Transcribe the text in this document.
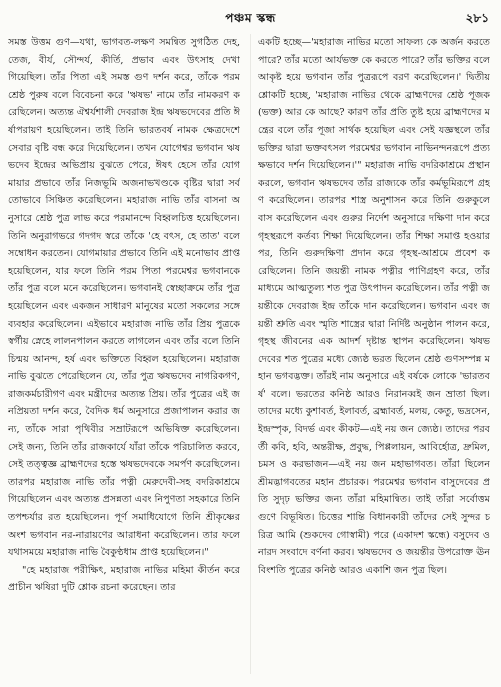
পঞ্চম স্কন্ধ	২৮১

সমস্ত উত্তম গুণ—যথা, ভাগবত-লক্ষণ সমন্বিত সুগঠিত দেহ, তেজ, বীর্য, সৌন্দর্য, কীর্তি, প্রভাব এবং উৎসাহ দেখা গিয়েছিল। তাঁর পিতা এই সমস্ত গুণ দর্শন করে, তাঁকে পরম শ্রেষ্ঠ পুরুষ বলে বিবেচনা করে 'ঋষভ' নামে তাঁর নামকরণ করেছিলেন। অত্যন্ত ঐশ্বর্যশালী দেবরাজ ইন্দ্র ঋষভদেবের প্রতি ঈর্ষাপরায়ণ হয়েছিলেন। তাই তিনি ভারতবর্ষ নামক ক্ষেত্রদেশে সেবার বৃষ্টি বন্ধ করে দিয়েছিলেন। তখন যোগেশ্বর ভগবান ঋষভদেব ইন্দ্রের অভিপ্রায় বুঝতে পেরে, ঈষৎ হেসে তাঁর যোগমায়ার প্রভাবে তাঁর নিজভূমি অজনাভখণ্ডকে বৃষ্টির দ্বারা সর্বতোভাবে সিঞ্চিত করেছিলেন। মহারাজ নাভি তাঁর বাসনা অনুসারে শ্রেষ্ঠ পুত্র লাভ করে পরমানন্দে বিহ্বলচিত্ত হয়েছিলেন। তিনি অনুরাগভরে গদগদ স্বরে তাঁকে 'হে বৎস, হে তাত' বলে সম্বোধন করতেন। যোগমায়ার প্রভাবে তিনি এই মনোভাব প্রাপ্ত হয়েছিলেন, যার ফলে তিনি পরম পিতা পরমেশ্বর ভগবানকে তাঁর পুত্র বলে মনে করেছিলেন। ভগবানই স্বেচ্ছাক্রমে তাঁর পুত্র হয়েছিলেন এবং একজন সাধারণ মানুষের মতো সকলের সঙ্গে ব্যবহার করেছিলেন। এইভাবে মহারাজ নাভি তাঁর প্রিয় পুত্রকে স্বর্গীয় স্নেহে লালনপালন করতে লাগলেন এবং তাঁর বলে তিনি চিন্ময় আনন্দ, হর্ষ এবং ভক্তিতে বিহ্বল হয়েছিলেন। মহারাজ নাভি বুঝতে পেরেছিলেন যে, তাঁর পুত্র ঋষভদেব নাগরিকগণ, রাজকর্মচারীগণ এবং মন্ত্রীদের অত্যন্ত প্রিয়। তাঁর পুত্রের এই জনপ্রিয়তা দর্শন করে, বৈদিক ধর্ম অনুসারে প্রজাপালন করার জন্য, তাঁকে সারা পৃথিবীর সম্রাটরূপে অভিষিক্ত করেছিলেন। সেই জন্য, তিনি তাঁর রাজকার্যে যাঁরা তাঁকে পরিচালিত করবে, সেই তত্ত্বজ্ঞ ব্রাহ্মণদের হস্তে ঋষভদেবকে সমর্পণ করেছিলেন। তারপর মহারাজ নাভি তাঁর পত্নী মেরুদেবী-সহ বদরিকাশ্রমে গিয়েছিলেন এবং অত্যন্ত প্রসন্নতা এবং নিপুণতা সহকারে তিনি তপশ্চর্যার রত হয়েছিলেন। পূর্ণ সমাধিযোগে তিনি শ্রীকৃষ্ণের অংশ ভগবান নর-নারায়ণের আরাধনা করেছিলেন। তার ফলে যথাসময়ে মহারাজ নাভি বৈকুণ্ঠধাম প্রাপ্ত হয়েছিলেন।"

"হে মহারাজ পরীক্ষিৎ, মহারাজ নাভির মহিমা কীর্তন করে প্রাচীন ঋষিরা দুটি শ্লোক রচনা করেছেন। তার

একটি হচ্ছে—'মহারাজ নাভির মতো সাফল্য কে অর্জন করতে পারে? তাঁর মতো আর্যভক্ত কে করতে পারে? তাঁর ভক্তির বলে আকৃষ্ট হয়ে ভগবান তাঁর পুত্ররূপে বরণ করেছিলেন।' দ্বিতীয় শ্লোকটি হচ্ছে, 'মহারাজ নাভির থেকে ব্রাহ্মণদের শ্রেষ্ঠ পূজক (ভক্ত) আর কে আছে? কারণ তাঁর প্রতি তুষ্ট হয়ে ব্রাহ্মণদের মন্ত্রের বলে তাঁর পূজা সার্থক হয়েছিল এবং সেই যজ্ঞস্থলে তাঁর ভক্তির দ্বারা ভক্তবৎসল পরমেশ্বর ভগবান নাভিনন্দনরূপে প্রত্যক্ষভাবে দর্শন দিয়েছিলেন।'" মহারাজ নাভি বদরিকাশ্রমে প্রস্থান করলে, ভগবান ঋষভদেব তাঁর রাজ্যকে তাঁর কর্মভূমিরূপে গ্রহণ করেছিলেন। তারপর শাস্ত্র অনুশাসন করে তিনি গুরুকুলে বাস করেছিলেন এবং গুরুর নির্দেশ অনুসারে দক্ষিণা দান করে গৃহস্থরূপে কর্তব্য শিক্ষা দিয়েছিলেন। তাঁর শিক্ষা সমাপ্ত হওয়ার পর, তিনি গুরুদক্ষিণা প্রদান করে গৃহস্থ-আশ্রমে প্রবেশ করেছিলেন। তিনি জয়ন্তী নামক পত্নীর পাণিগ্রহণ করে, তাঁর মাধ্যমে আত্মতুল্য শত পুত্র উৎপাদন করেছিলেন। তাঁর পত্নী জয়ন্তীকে দেবরাজ ইন্দ্র তাঁকে দান করেছিলেন। ভগবান এবং জয়ন্তী শ্রুতি এবং স্মৃতি শাস্ত্রের দ্বারা নির্দিষ্ট অনুষ্ঠান পালন করে, গৃহস্থ জীবনের এক আদর্শ দৃষ্টান্ত স্থাপন করেছিলেন। ঋষভদেবের শত পুত্রের মধ্যে জ্যেষ্ঠ ভরত ছিলেন শ্রেষ্ঠ গুণসম্পন্ন মহান ভগবদ্ভক্ত। তাঁরই নাম অনুসারে এই বর্ষকে লোকে 'ভারতবর্ষ' বলে। ভরতের কনিষ্ঠ আরও নিরানব্বই জন ভ্রাতা ছিল। তাদের মধ্যে কুশাবর্ত, ইলাবর্ত, ব্রহ্মাবর্ত, মলয়, কেতু, ভদ্রসেন, ইন্দ্রস্পৃক, বিদর্ভ এবং কীকট—এই নয় জন জ্যেষ্ঠ। তাদের পরবর্তী কবি, হবি, অন্তরীক্ষ, প্রবুদ্ধ, পিপ্পলায়ন, আবির্হোত্র, দ্রুমিল, চমস ও করভাজন—এই নয় জন মহাভাগবত। তাঁরা ছিলেন শ্রীমদ্ভাগবতের মহান প্রচারক। পরমেশ্বর ভগবান বাসুদেবের প্রতি সুদৃঢ় ভক্তির জন্য তাঁরা মহিমান্বিত। তাই তাঁরা সর্বোত্তম গুণে বিভূষিত। চিত্তের শান্তি বিধানকারী তাঁদের সেই সুন্দর চরিত্র আমি (শুকদেব গোস্বামী) পরে (একাদশ স্কন্ধে) বসুদেব ও নারদ সংবাদে বর্ণনা করব। ঋষভদেব ও জয়ন্তীর উপরোক্ত ঊনবিংশতি পুত্রের কনিষ্ঠ আরও একাশি জন পুত্র ছিল।
